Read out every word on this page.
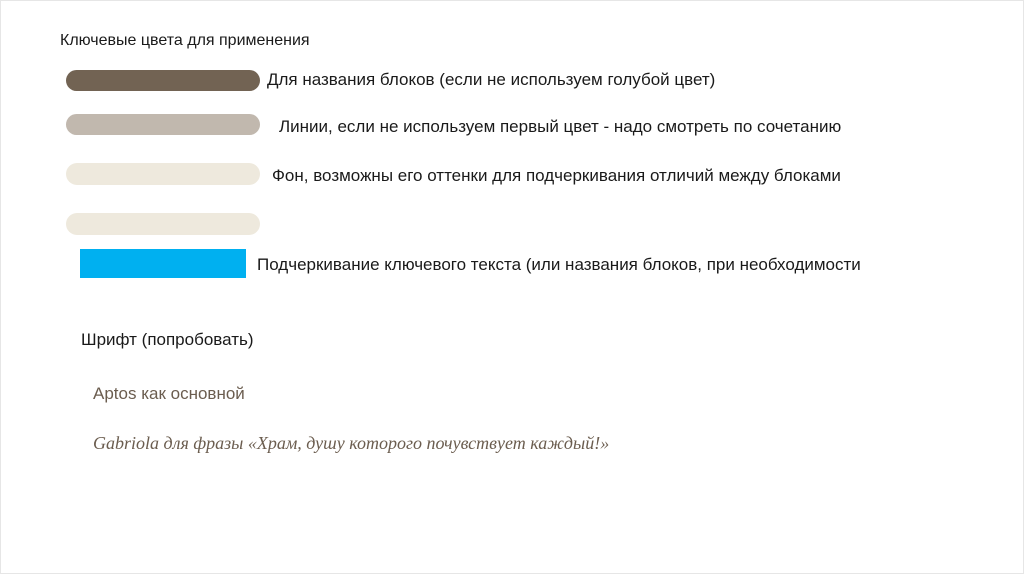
Ключевые цвета для применения
Для названия блоков (если не используем голубой цвет)
Линии, если не используем первый цвет - надо смотреть по сочетанию
Фон, возможны его оттенки для подчеркивания отличий между блоками
Подчеркивание ключевого текста (или названия блоков, при необходимости
Шрифт (попробовать)
Aptos как основной
Gabriola для фразы «Храм, душу которого почувствует каждый!»
